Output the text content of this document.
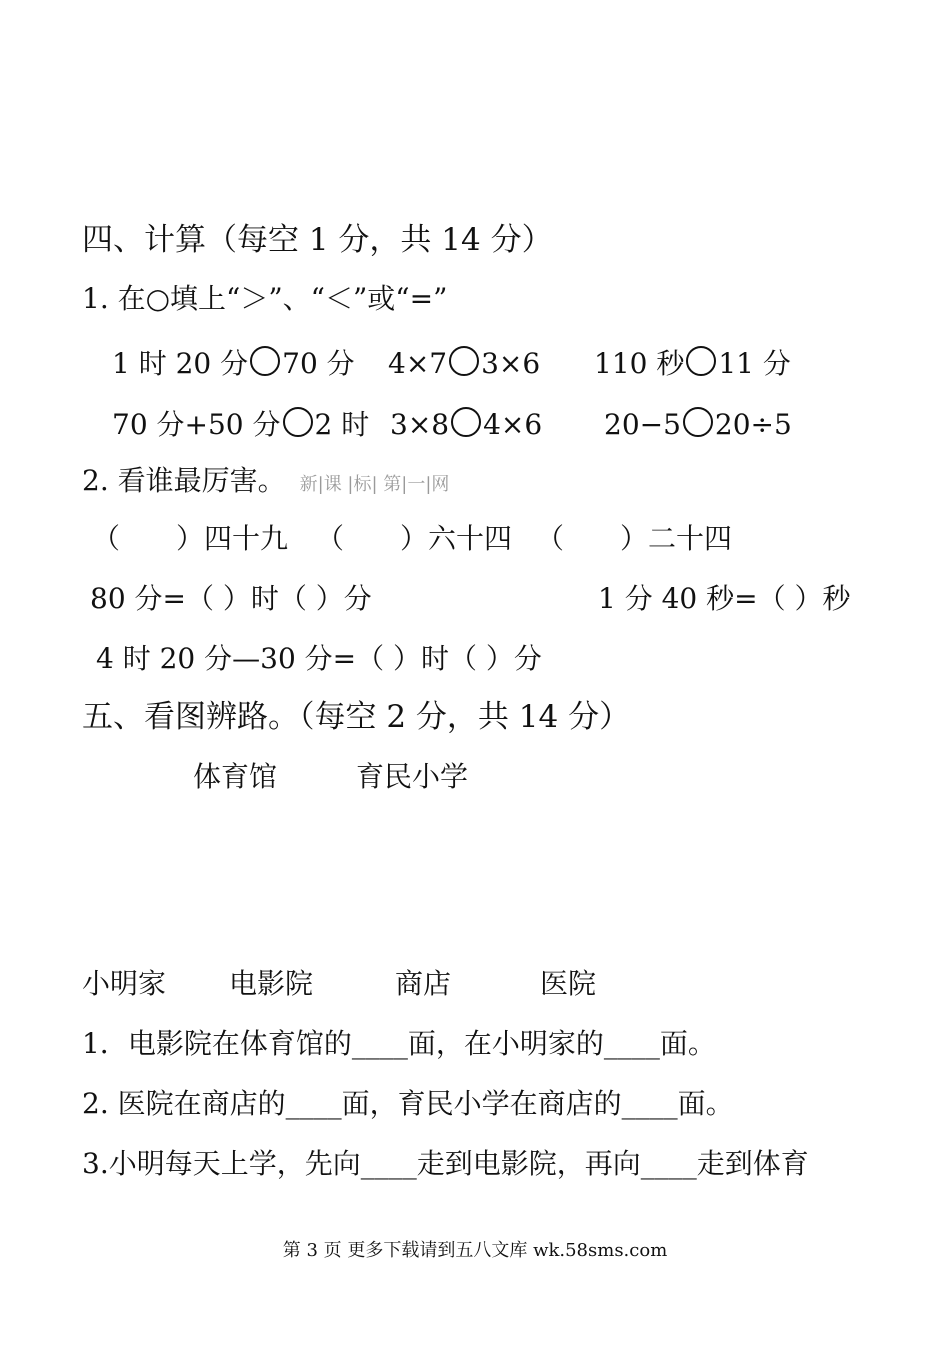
四、计算（每空 1 分，共 14 分）
1. 在○填上“＞”、“＜”或“=”
1 时 20 分 70 分 4×7 3×6 110 秒 11 分
70 分+50 分 2 时 3×8 4×6 20−5 20÷5
2. 看谁最厉害。 新|课 |标| 第|一|网
（　　）四十九 （　　）六十四 （　　）二十四
80 分=（ ）时（ ）分	1 分 40 秒=（ ）秒
4 时 20 分—30 分=（ ）时（ ）分
五、看图辨路。（每空 2 分，共 14 分）
体育馆	育民小学
小明家 电影院	商店	医院
1．电影院在体育馆的____面，在小明家的____面。
2. 医院在商店的____面，育民小学在商店的____面。
3.小明每天上学，先向____走到电影院，再向____走到体育
第 3 页 更多下载请到五八文库 wk.58sms.com
